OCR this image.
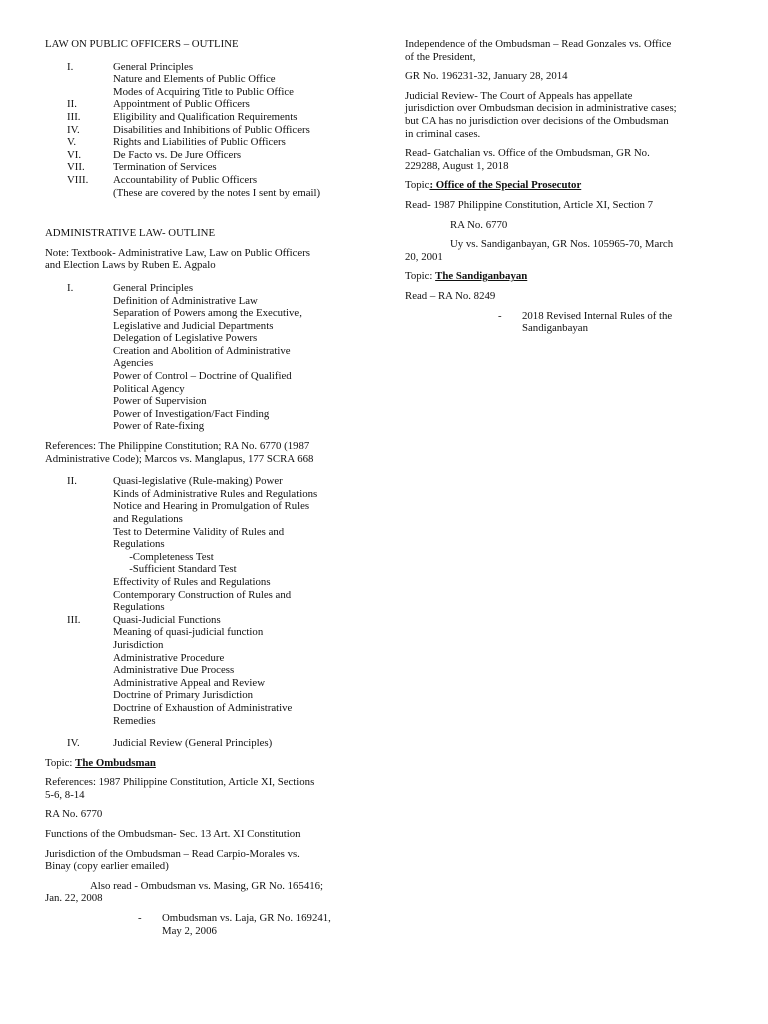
LAW ON PUBLIC OFFICERS – OUTLINE
I.	General Principles
Nature and Elements of Public Office
Modes of Acquiring Title to Public Office
II.	Appointment of Public Officers
III.	Eligibility and Qualification Requirements
IV.	Disabilities and Inhibitions of Public Officers
V.	Rights and Liabilities of Public Officers
VI.	De Facto vs. De Jure Officers
VII.	Termination of Services
VIII.	Accountability of Public Officers
(These are covered by the notes I sent by email)
ADMINISTRATIVE LAW- OUTLINE
Note: Textbook- Administrative Law, Law on Public Officers
and Election Laws by Ruben E. Agpalo
I.	General Principles
Definition of Administrative Law
Separation of Powers among the Executive,
Legislative and Judicial Departments
Delegation of Legislative Powers
Creation and Abolition of Administrative
Agencies
Power of Control – Doctrine of Qualified
Political Agency
Power of Supervision
Power of Investigation/Fact Finding
Power of Rate-fixing
References: The Philippine Constitution; RA No. 6770 (1987
Administrative Code); Marcos vs. Manglapus, 177 SCRA 668
II.	Quasi-legislative (Rule-making) Power
Kinds of Administrative Rules and Regulations
Notice and Hearing in Promulgation of Rules
and Regulations
Test to Determine Validity of Rules and
Regulations
-Completeness Test
-Sufficient Standard Test
Effectivity of Rules and Regulations
Contemporary Construction of Rules and
Regulations
III.	Quasi-Judicial Functions
Meaning of quasi-judicial function
Jurisdiction
Administrative Procedure
Administrative Due Process
Administrative Appeal and Review
Doctrine of Primary Jurisdiction
Doctrine of Exhaustion of Administrative
Remedies
IV.	Judicial Review (General Principles)
Topic: The Ombudsman
References: 1987 Philippine Constitution, Article XI, Sections
5-6, 8-14
RA No. 6770
Functions of the Ombudsman- Sec. 13 Art. XI Constitution
Jurisdiction of the Ombudsman – Read Carpio-Morales vs.
Binay (copy earlier emailed)
Also read - Ombudsman vs. Masing, GR No. 165416;
Jan. 22, 2008
-	Ombudsman vs. Laja, GR No. 169241,
May 2, 2006
Independence of the Ombudsman – Read Gonzales vs. Office
of the President,
GR No. 196231-32, January 28, 2014
Judicial Review- The Court of Appeals has appellate
jurisdiction over Ombudsman decision in administrative cases;
but CA has no jurisdiction over decisions of the Ombudsman
in criminal cases.
Read- Gatchalian vs. Office of the Ombudsman, GR No.
229288, August 1, 2018
Topic: Office of the Special Prosecutor
Read- 1987 Philippine Constitution, Article XI, Section 7
RA No. 6770
Uy vs. Sandiganbayan, GR Nos. 105965-70, March
20, 2001
Topic: The Sandiganbayan
Read – RA No. 8249
-	2018 Revised Internal Rules of the
Sandiganbayan
